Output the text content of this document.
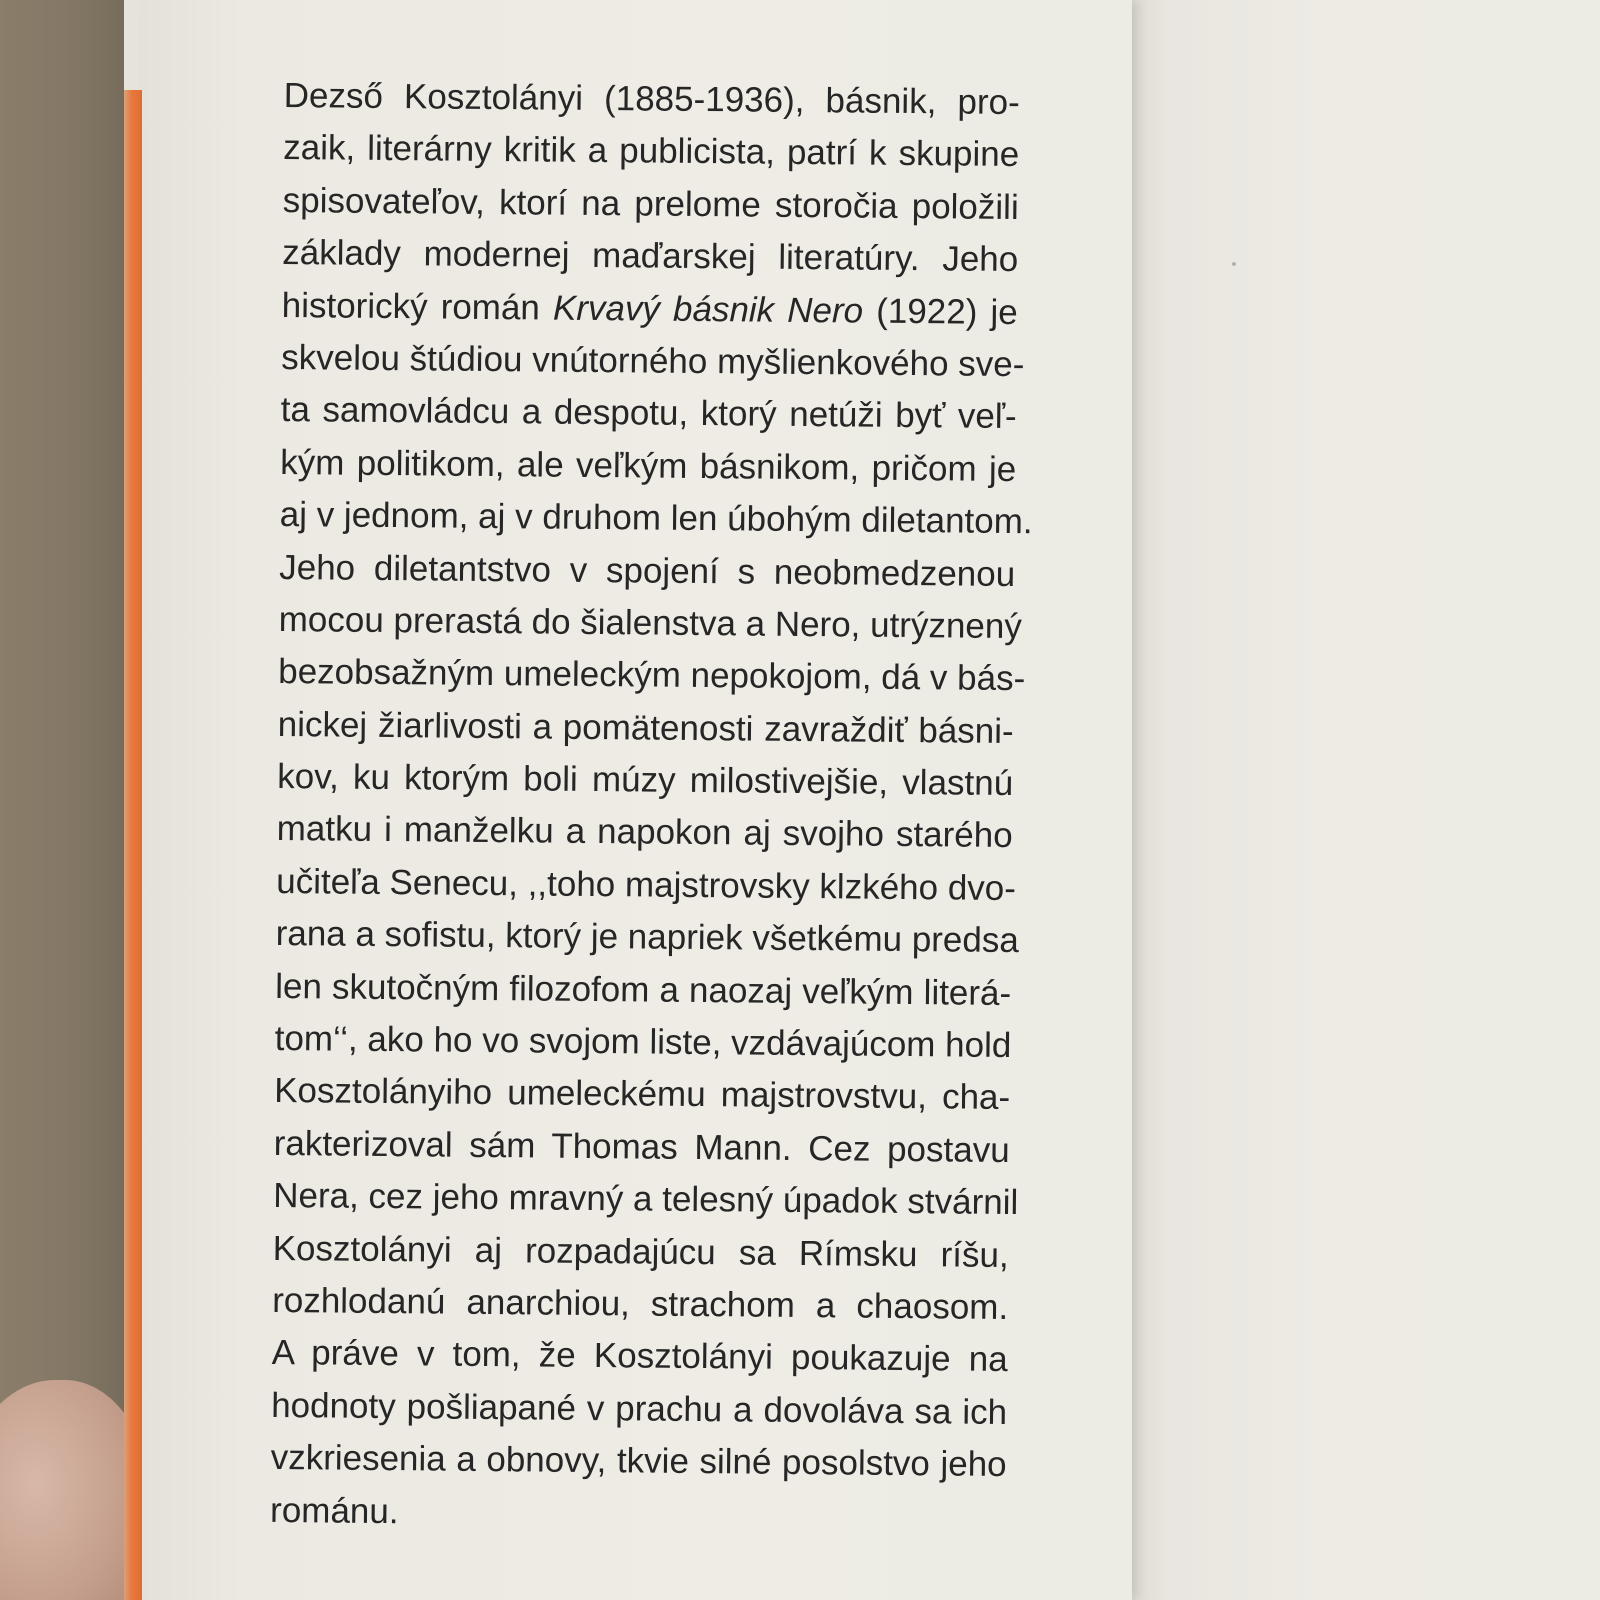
Dezső Kosztolányi (1885-1936), básnik, pro-
zaik, literárny kritik a publicista, patrí k skupine
spisovateľov, ktorí na prelome storočia položili
základy modernej maďarskej literatúry. Jeho
historický román Krvavý básnik Nero (1922) je
skvelou štúdiou vnútorného myšlienkového sve-
ta samovládcu a despotu, ktorý netúži byť veľ-
kým politikom, ale veľkým básnikom, pričom je
aj v jednom, aj v druhom len úbohým diletantom.
Jeho diletantstvo v spojení s neobmedzenou
mocou prerastá do šialenstva a Nero, utrýznený
bezobsažným umeleckým nepokojom, dá v bás-
nickej žiarlivosti a pomätenosti zavraždiť básni-
kov, ku ktorým boli múzy milostivejšie, vlastnú
matku i manželku a napokon aj svojho starého
učiteľa Senecu, ,,toho majstrovsky klzkého dvo-
rana a sofistu, ktorý je napriek všetkému predsa
len skutočným filozofom a naozaj veľkým literá-
tom‘‘, ako ho vo svojom liste, vzdávajúcom hold
Kosztolányiho umeleckému majstrovstvu, cha-
rakterizoval sám Thomas Mann. Cez postavu
Nera, cez jeho mravný a telesný úpadok stvárnil
Kosztolányi aj rozpadajúcu sa Rímsku ríšu,
rozhlodanú anarchiou, strachom a chaosom.
A práve v tom, že Kosztolányi poukazuje na
hodnoty pošliapané v prachu a dovoláva sa ich
vzkriesenia a obnovy, tkvie silné posolstvo jeho
románu.
